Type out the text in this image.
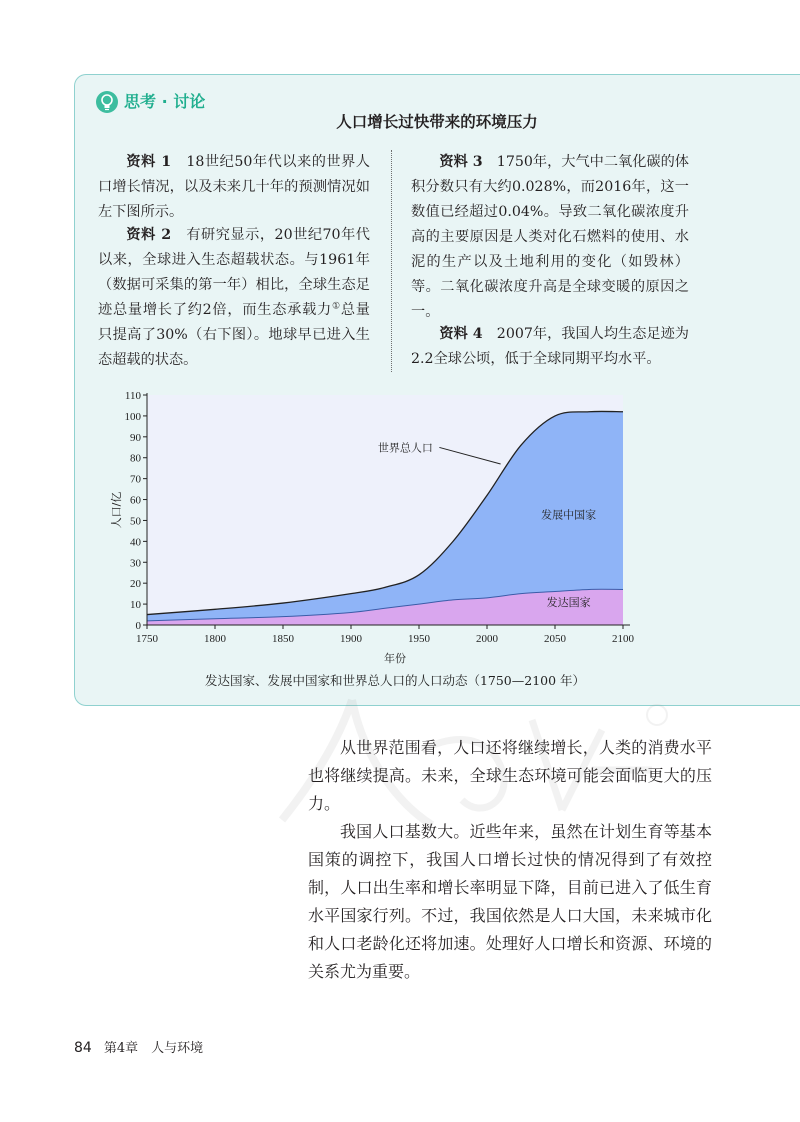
思考 · 讨论
人口增长过快带来的环境压力

资料 1　 18世纪50年代以来的世界人口增长情况，以及未来几十年的预测情况如左下图所示。

资料 2　 有研究显示，20世纪70年代以来，全球进入生态超载状态。与1961年（数据可采集的第一年）相比，全球生态足迹总量增长了约2倍，而生态承载力①总量只提高了30%（右下图）。地球早已进入生态超载的状态。

资料 3　 1750年，大气中二氧化碳的体积分数只有大约0.028%，而2016年，这一数值已经超过0.04%。导致二氧化碳浓度升高的主要原因是人类对化石燃料的使用、水泥的生产以及土地利用的变化（如毁林）等。二氧化碳浓度升高是全球变暖的原因之一。

资料 4　 2007年，我国人均生态足迹为2.2全球公顷，低于全球同期平均水平。

0
10
20
30
40
50
60
70
80
90
100
110
1750	1800	1850	1900	1950	2000	2050	2100
年份
人口/亿
世界总人口
发展中国家
发达国家
发达国家、发展中国家和世界总人口的人口动态（1750—2100 年）

从世界范围看，人口还将继续增长，人类的消费水平也将继续提高。未来，全球生态环境可能会面临更大的压力。

我国人口基数大。近些年来，虽然在计划生育等基本国策的调控下，我国人口增长过快的情况得到了有效控制，人口出生率和增长率明显下降，目前已进入了低生育水平国家行列。不过，我国依然是人口大国，未来城市化和人口老龄化还将加速。处理好人口增长和资源、环境的关系尤为重要。

84 第4章　人与环境
